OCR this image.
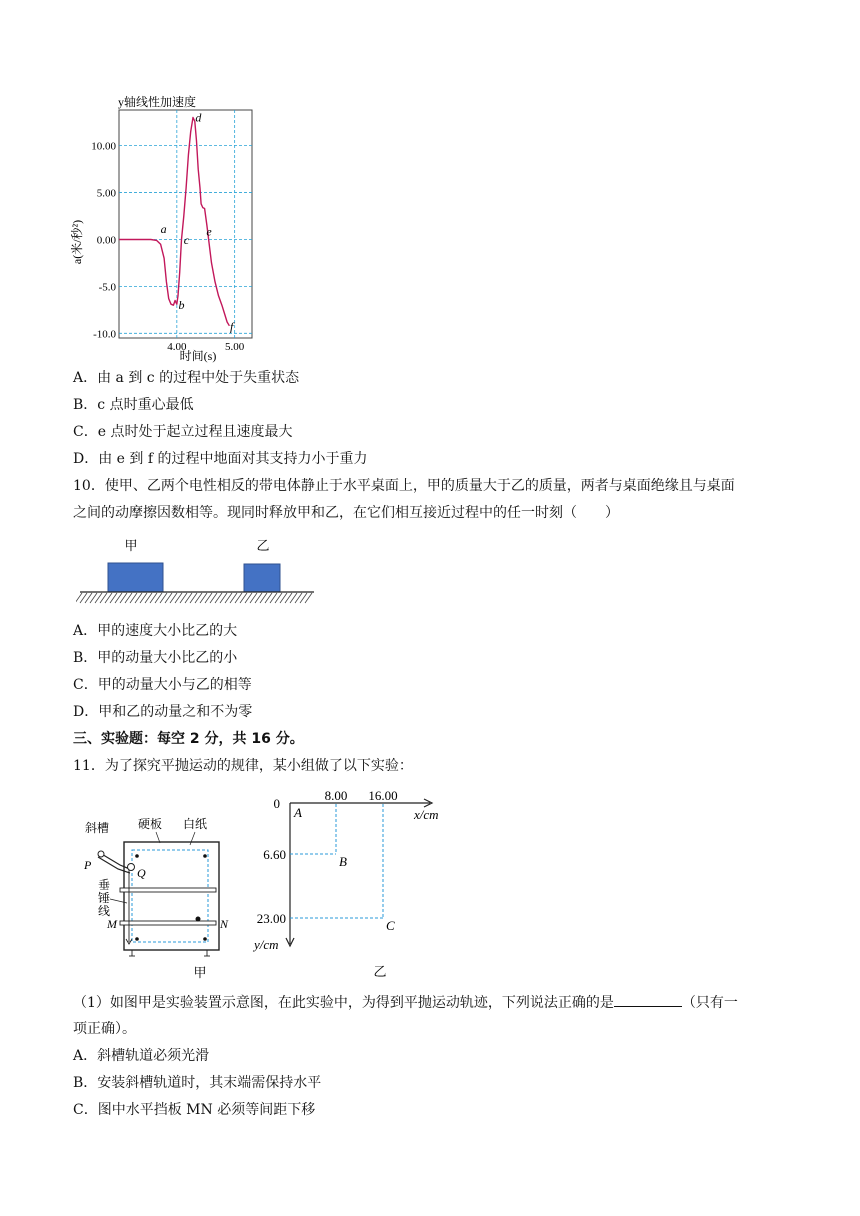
y轴线性加速度
10.00
5.00
0.00
-5.0
-10.0
4.00	5.00
a
b
c
d
e
f
a(米/秒²)
时间(s)
A．由 a 到 c 的过程中处于失重状态
B．c 点时重心最低
C．e 点时处于起立过程且速度最大
D．由 e 到 f 的过程中地面对其支持力小于重力
10．使甲、乙两个电性相反的带电体静止于水平桌面上，甲的质量大于乙的质量，两者与桌面绝缘且与桌面
之间的动摩擦因数相等。现同时释放甲和乙，在它们相互接近过程中的任一时刻（　　）
甲	乙
A．甲的速度大小比乙的大
B．甲的动量大小比乙的小
C．甲的动量大小与乙的相等
D．甲和乙的动量之和不为零
三、实验题：每空 2 分，共 16 分。
11．为了探究平抛运动的规律，某小组做了以下实验：
斜槽 硬板 白纸
P
Q
垂
锤
线
M	N
甲
0
8.00 16.00
x/cm
6.60
23.00
y/cm
A
B
C
乙
（1）如图甲是实验装置示意图，在此实验中，为得到平抛运动轨迹，下列说法正确的是	（只有一
项正确）。
A．斜槽轨道必须光滑
B．安装斜槽轨道时，其末端需保持水平
C．图中水平挡板 MN 必须等间距下移
